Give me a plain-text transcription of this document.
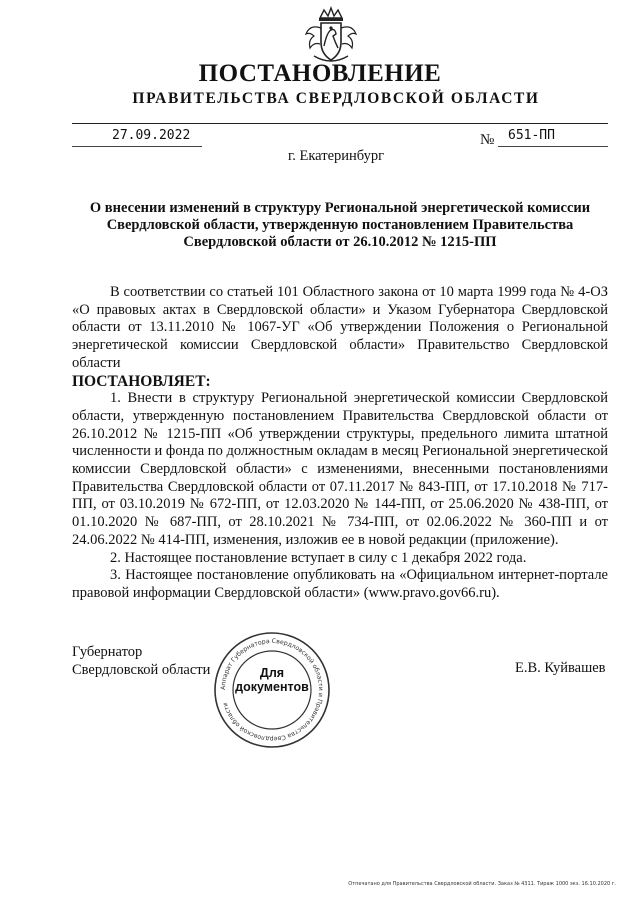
ПОСТАНОВЛЕНИЕ
ПРАВИТЕЛЬСТВА СВЕРДЛОВСКОЙ ОБЛАСТИ
27.09.2022	№ 651-ПП
г. Екатеринбург
О внесении изменений в структуру Региональной энергетической комиссии Свердловской области, утвержденную постановлением Правительства Свердловской области от 26.10.2012 № 1215-ПП

В соответствии со статьей 101 Областного закона от 10 марта 1999 года № 4-ОЗ «О правовых актах в Свердловской области» и Указом Губернатора Свердловской области от 13.11.2010 № 1067-УГ «Об утверждении Положения о Региональной энергетической комиссии Свердловской области» Правительство Свердловской области

ПОСТАНОВЛЯЕТ:

1. Внести в структуру Региональной энергетической комиссии Свердловской области, утвержденную постановлением Правительства Свердловской области от 26.10.2012 № 1215-ПП «Об утверждении структуры, предельного лимита штатной численности и фонда по должностным окладам в месяц Региональной энергетической комиссии Свердловской области» с изменениями, внесенными постановлениями Правительства Свердловской области от 07.11.2017 № 843-ПП, от 17.10.2018 № 717-ПП, от 03.10.2019 № 672-ПП, от 12.03.2020 № 144-ПП, от 25.06.2020 № 438-ПП, от 01.10.2020 № 687-ПП, от 28.10.2021 № 734-ПП, от 02.06.2022 № 360-ПП и от 24.06.2022 № 414-ПП, изменения, изложив ее в новой редакции (приложение).

2. Настоящее постановление вступает в силу с 1 декабря 2022 года.

3. Настоящее постановление опубликовать на «Официальном интернет-портале правовой информации Свердловской области» (www.pravo.gov66.ru).

Губернатор
Свердловской области	Е.В. Куйвашев
Аппарат Губернатора Свердловской области и Правительства Свердловской области
Для
документов
Отпечатано для Правительства Свердловской области. Заказ № 4311. Тираж 1000 экз. 16.10.2020 г.
